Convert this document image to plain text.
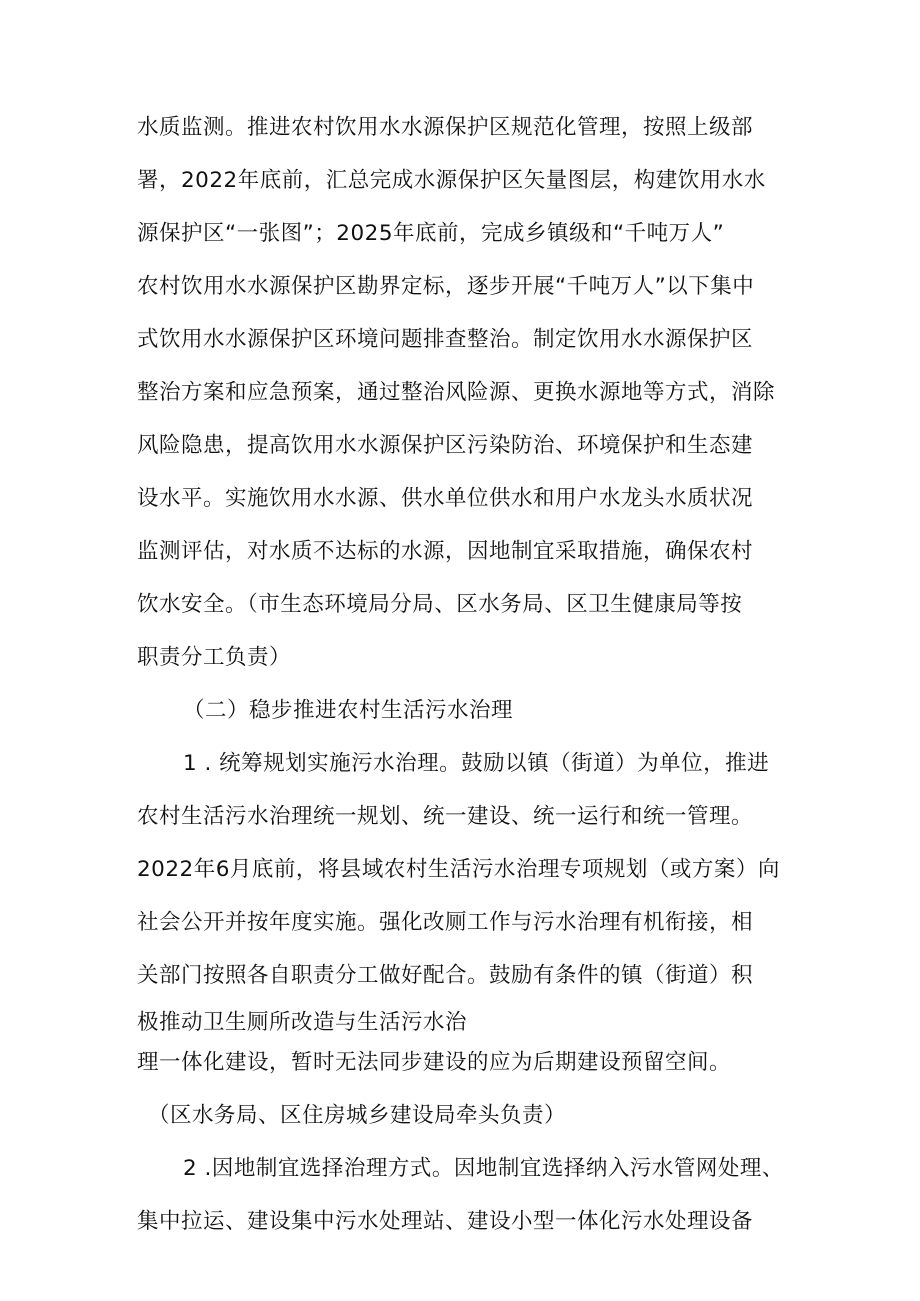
水质监测。推进农村饮用水水源保护区规范化管理，按照上级部
署，2022年底前，汇总完成水源保护区矢量图层，构建饮用水水
源保护区“一张图”；2025年底前，完成乡镇级和“千吨万人”
农村饮用水水源保护区勘界定标，逐步开展“千吨万人”以下集中
式饮用水水源保护区环境问题排查整治。制定饮用水水源保护区
整治方案和应急预案，通过整治风险源、更换水源地等方式，消除
风险隐患，提高饮用水水源保护区污染防治、环境保护和生态建
设水平。实施饮用水水源、供水单位供水和用户水龙头水质状况
监测评估，对水质不达标的水源，因地制宜采取措施，确保农村
饮水安全。（市生态环境局分局、区水务局、区卫生健康局等按
职责分工负责）
（二）稳步推进农村生活污水治理
1 . 统筹规划实施污水治理。鼓励以镇（街道）为单位，推进
农村生活污水治理统一规划、统一建设、统一运行和统一管理。
2022年6月底前，将县域农村生活污水治理专项规划（或方案）向
社会公开并按年度实施。强化改厕工作与污水治理有机衔接，相
关部门按照各自职责分工做好配合。鼓励有条件的镇（街道）积
极推动卫生厕所改造与生活污水治
理一体化建设，暂时无法同步建设的应为后期建设预留空间。
（区水务局、区住房城乡建设局牵头负责）
2 .因地制宜选择治理方式。因地制宜选择纳入污水管网处理、
集中拉运、建设集中污水处理站、建设小型一体化污水处理设备
